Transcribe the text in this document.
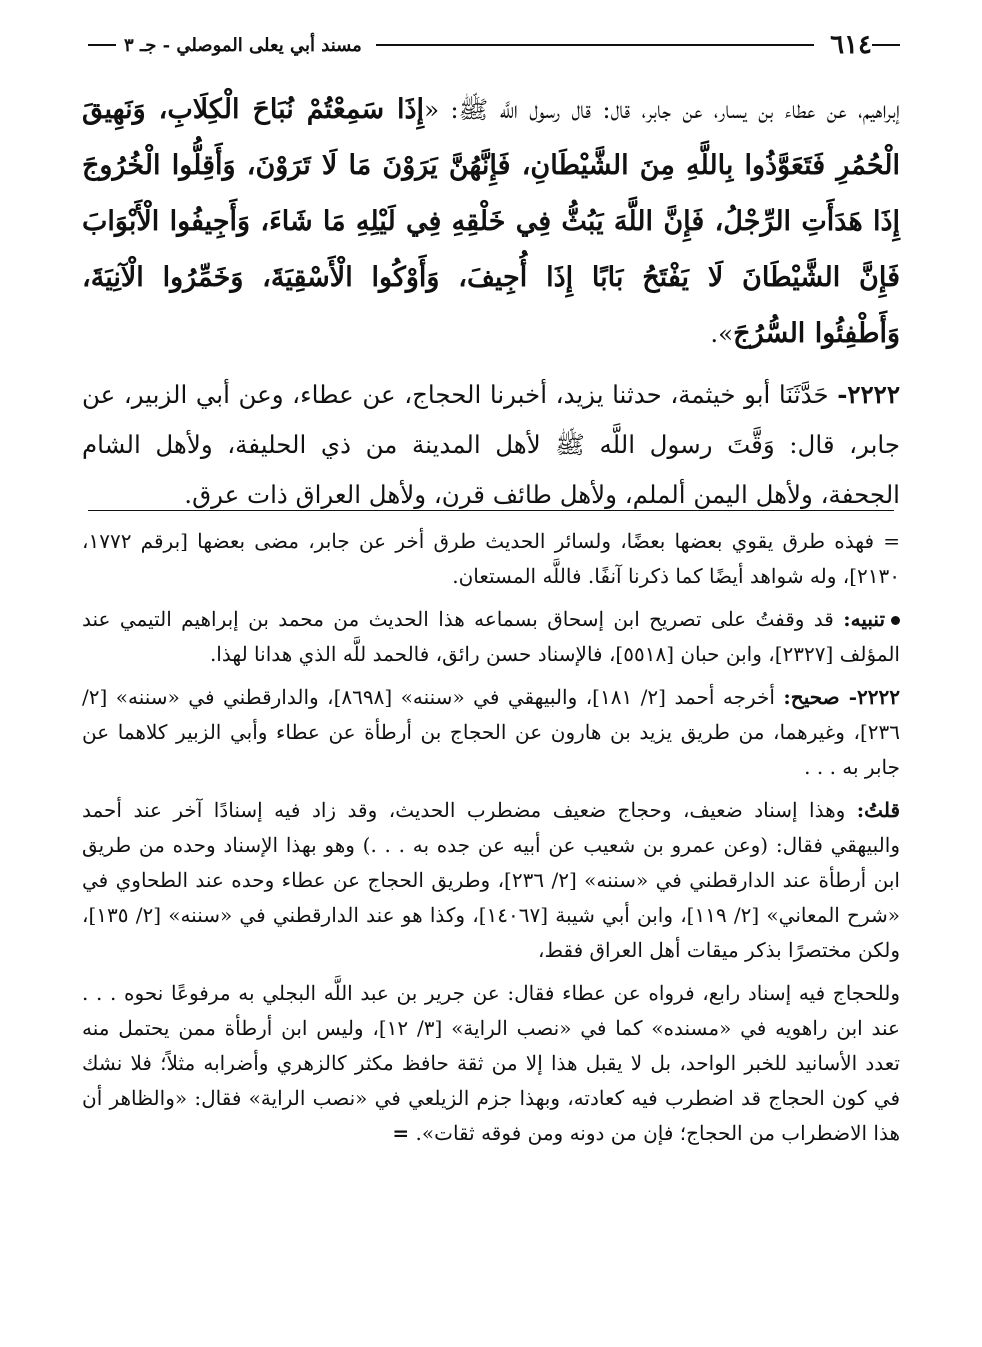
٦١٤
مسند أبي يعلى الموصلي - جـ ٣

إبراهيم، عن عطاء بن يسار، عن جابر، قال: قال رسول اللَّه ﷺ: «إِذَا سَمِعْتُمْ نُبَاحَ الْكِلَابِ، وَنَهِيقَ الْحُمُرِ فَتَعَوَّذُوا بِاللَّهِ مِنَ الشَّيْطَانِ، فَإِنَّهُنَّ يَرَوْنَ مَا لَا تَرَوْنَ، وَأَقِلُّوا الْخُرُوجَ إِذَا هَدَأَتِ الرِّجْلُ، فَإِنَّ اللَّهَ يَبُثُّ فِي خَلْقِهِ فِي لَيْلِهِ مَا شَاءَ، وَأَجِيفُوا الْأَبْوَابَ فَإِنَّ الشَّيْطَانَ لَا يَفْتَحُ بَابًا إِذَا أُجِيفَ، وَأَوْكُوا الْأَسْقِيَةَ، وَخَمِّرُوا الْآنِيَةَ، وَأَطْفِئُوا السُّرُجَ».

٢٢٢٢- حَدَّثَنَا أبو خيثمة، حدثنا يزيد، أخبرنا الحجاج، عن عطاء، وعن أبي الزبير، عن جابر، قال: وَقَّتَ رسول اللَّه ﷺ لأهل المدينة من ذي الحليفة، ولأهل الشام الجحفة، ولأهل اليمن ألملم، ولأهل طائف قرن، ولأهل العراق ذات عرق.

= فهذه طرق يقوي بعضها بعضًا، ولسائر الحديث طرق أخر عن جابر، مضى بعضها [برقم ١٧٧٢، ٢١٣٠]، وله شواهد أيضًا كما ذكرنا آنفًا. فاللَّه المستعان.

تنبيه: قد وقفتُ على تصريح ابن إسحاق بسماعه هذا الحديث من محمد بن إبراهيم التيمي عند المؤلف [٢٣٢٧]، وابن حبان [٥٥١٨]، فالإسناد حسن رائق، فالحمد للَّه الذي هدانا لهذا.

٢٢٢٢- صحيح: أخرجه أحمد [٢/ ١٨١]، والبيهقي في «سننه» [٨٦٩٨]، والدارقطني في «سننه» [٢/ ٢٣٦]، وغيرهما، من طريق يزيد بن هارون عن الحجاج بن أرطأة عن عطاء وأبي الزبير كلاهما عن جابر به . . .

قلتُ: وهذا إسناد ضعيف، وحجاج ضعيف مضطرب الحديث، وقد زاد فيه إسنادًا آخر عند أحمد والبيهقي فقال: (وعن عمرو بن شعيب عن أبيه عن جده به . . .) وهو بهذا الإسناد وحده من طريق ابن أرطأة عند الدارقطني في «سننه» [٢/ ٢٣٦]، وطريق الحجاج عن عطاء وحده عند الطحاوي في «شرح المعاني» [٢/ ١١٩]، وابن أبي شيبة [١٤٠٦٧]، وكذا هو عند الدارقطني في «سننه» [٢/ ١٣٥]، ولكن مختصرًا بذكر ميقات أهل العراق فقط،

وللحجاج فيه إسناد رابع، فرواه عن عطاء فقال: عن جرير بن عبد اللَّه البجلي به مرفوعًا نحوه . . . عند ابن راهويه في «مسنده» كما في «نصب الراية» [٣/ ١٢]، وليس ابن أرطأة ممن يحتمل منه تعدد الأسانيد للخبر الواحد، بل لا يقبل هذا إلا من ثقة حافظ مكثر كالزهري وأضرابه مثلاً؛ فلا نشك في كون الحجاج قد اضطرب فيه كعادته، وبهذا جزم الزيلعي في «نصب الراية» فقال: «والظاهر أن هذا الاضطراب من الحجاج؛ فإن من دونه ومن فوقه ثقات». =
